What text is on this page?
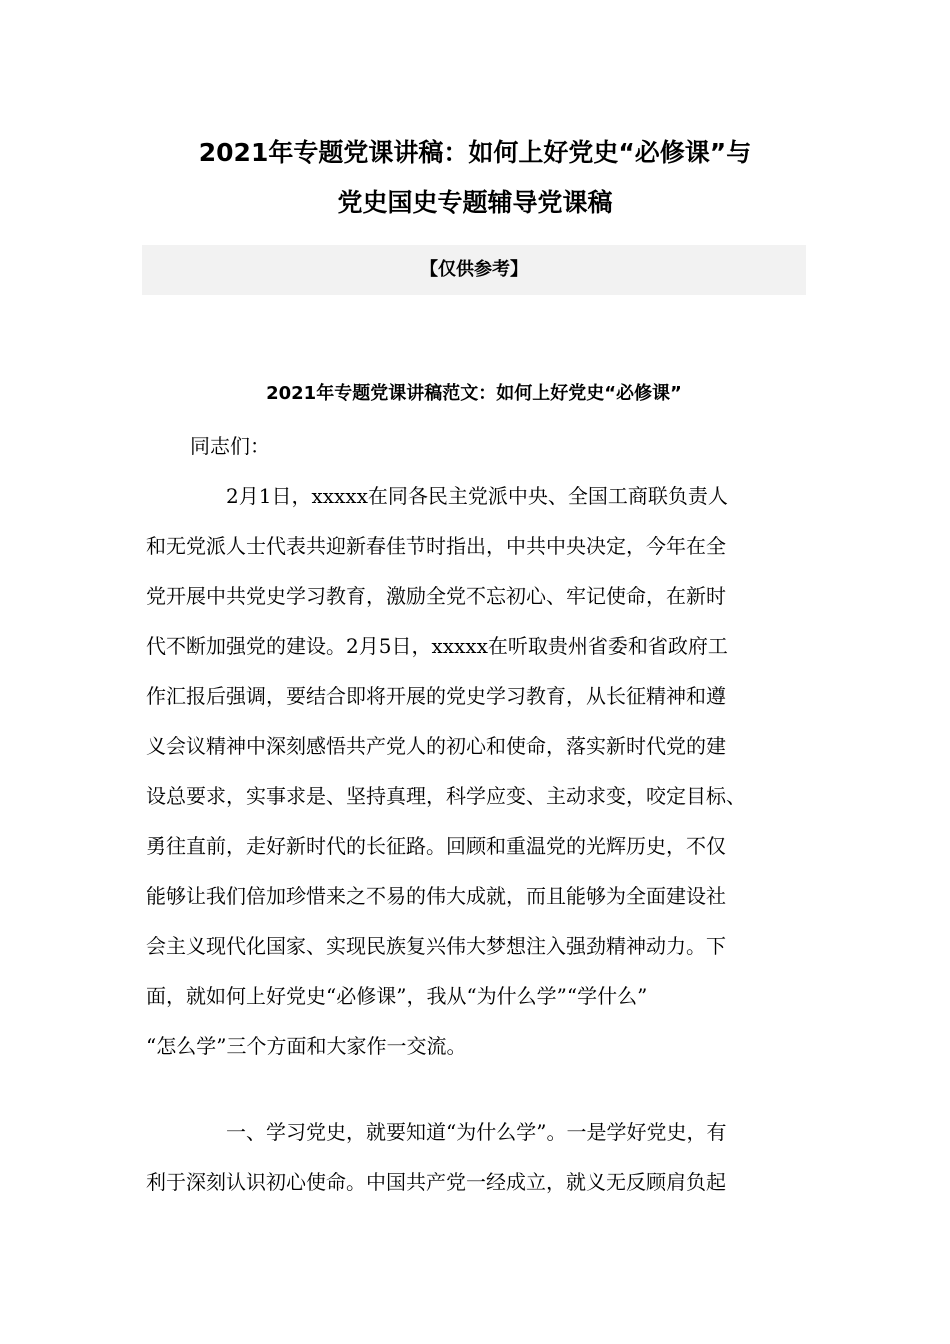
2021年专题党课讲稿：如何上好党史“必修课”与
党史国史专题辅导党课稿
【仅供参考】
2021年专题党课讲稿范文：如何上好党史“必修课”
同志们：
2月1日，xxxxx在同各民主党派中央、全国工商联负责人
和无党派人士代表共迎新春佳节时指出，中共中央决定，今年在全
党开展中共党史学习教育，激励全党不忘初心、牢记使命，在新时
代不断加强党的建设。2月5日，xxxxx在听取贵州省委和省政府工
作汇报后强调，要结合即将开展的党史学习教育，从长征精神和遵
义会议精神中深刻感悟共产党人的初心和使命，落实新时代党的建
设总要求，实事求是、坚持真理，科学应变、主动求变，咬定目标、
勇往直前，走好新时代的长征路。回顾和重温党的光辉历史，不仅
能够让我们倍加珍惜来之不易的伟大成就，而且能够为全面建设社
会主义现代化国家、实现民族复兴伟大梦想注入强劲精神动力。下
面，就如何上好党史“必修课”，我从“为什么学”“学什么”
“怎么学”三个方面和大家作一交流。
一、学习党史，就要知道“为什么学”。一是学好党史，有
利于深刻认识初心使命。中国共产党一经成立，就义无反顾肩负起
